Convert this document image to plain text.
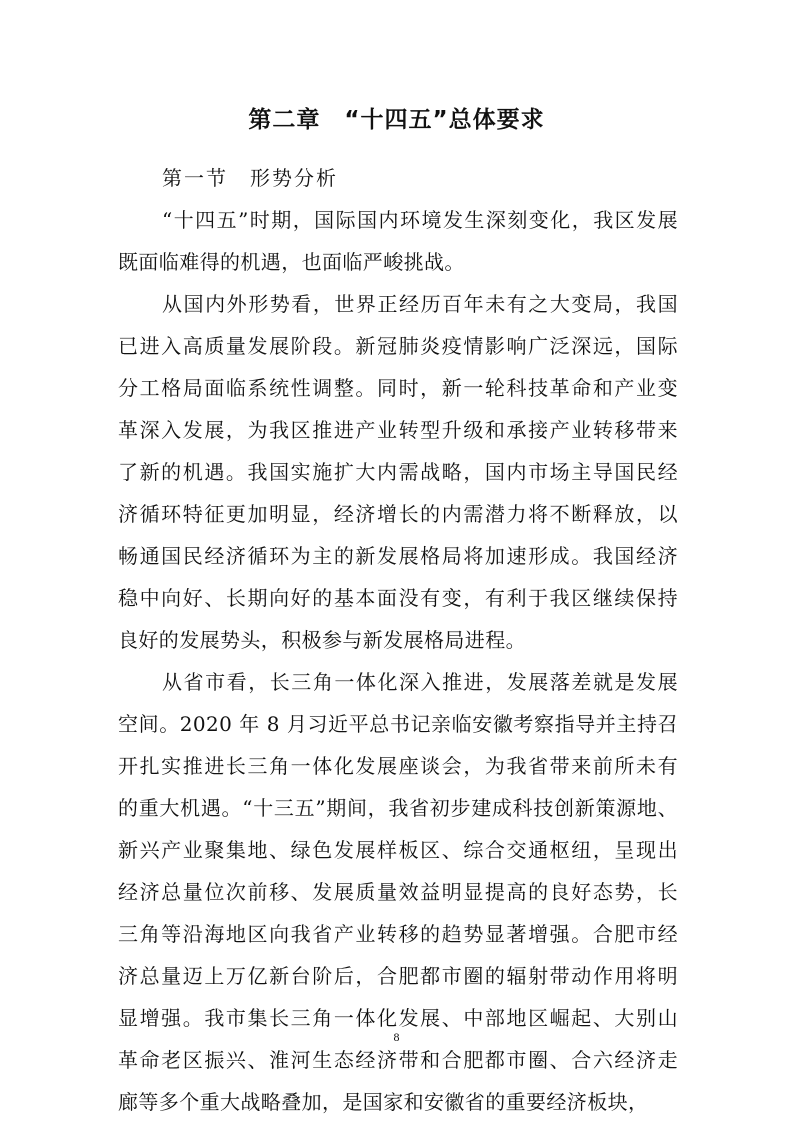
第二章　“十四五”总体要求
第一节　形势分析
“十四五”时期，国际国内环境发生深刻变化，我区发展
既面临难得的机遇，也面临严峻挑战。
从国内外形势看，世界正经历百年未有之大变局，我国
已进入高质量发展阶段。新冠肺炎疫情影响广泛深远，国际
分工格局面临系统性调整。同时，新一轮科技革命和产业变
革深入发展，为我区推进产业转型升级和承接产业转移带来
了新的机遇。我国实施扩大内需战略，国内市场主导国民经
济循环特征更加明显，经济增长的内需潜力将不断释放，以
畅通国民经济循环为主的新发展格局将加速形成。我国经济
稳中向好、长期向好的基本面没有变，有利于我区继续保持
良好的发展势头，积极参与新发展格局进程。
从省市看，长三角一体化深入推进，发展落差就是发展
空间。2020 年 8 月习近平总书记亲临安徽考察指导并主持召
开扎实推进长三角一体化发展座谈会，为我省带来前所未有
的重大机遇。“十三五”期间，我省初步建成科技创新策源地、
新兴产业聚集地、绿色发展样板区、综合交通枢纽，呈现出
经济总量位次前移、发展质量效益明显提高的良好态势，长
三角等沿海地区向我省产业转移的趋势显著增强。合肥市经
济总量迈上万亿新台阶后，合肥都市圈的辐射带动作用将明
显增强。我市集长三角一体化发展、中部地区崛起、大别山
革命老区振兴、淮河生态经济带和合肥都市圈、合六经济走
廊等多个重大战略叠加，是国家和安徽省的重要经济板块，
8
